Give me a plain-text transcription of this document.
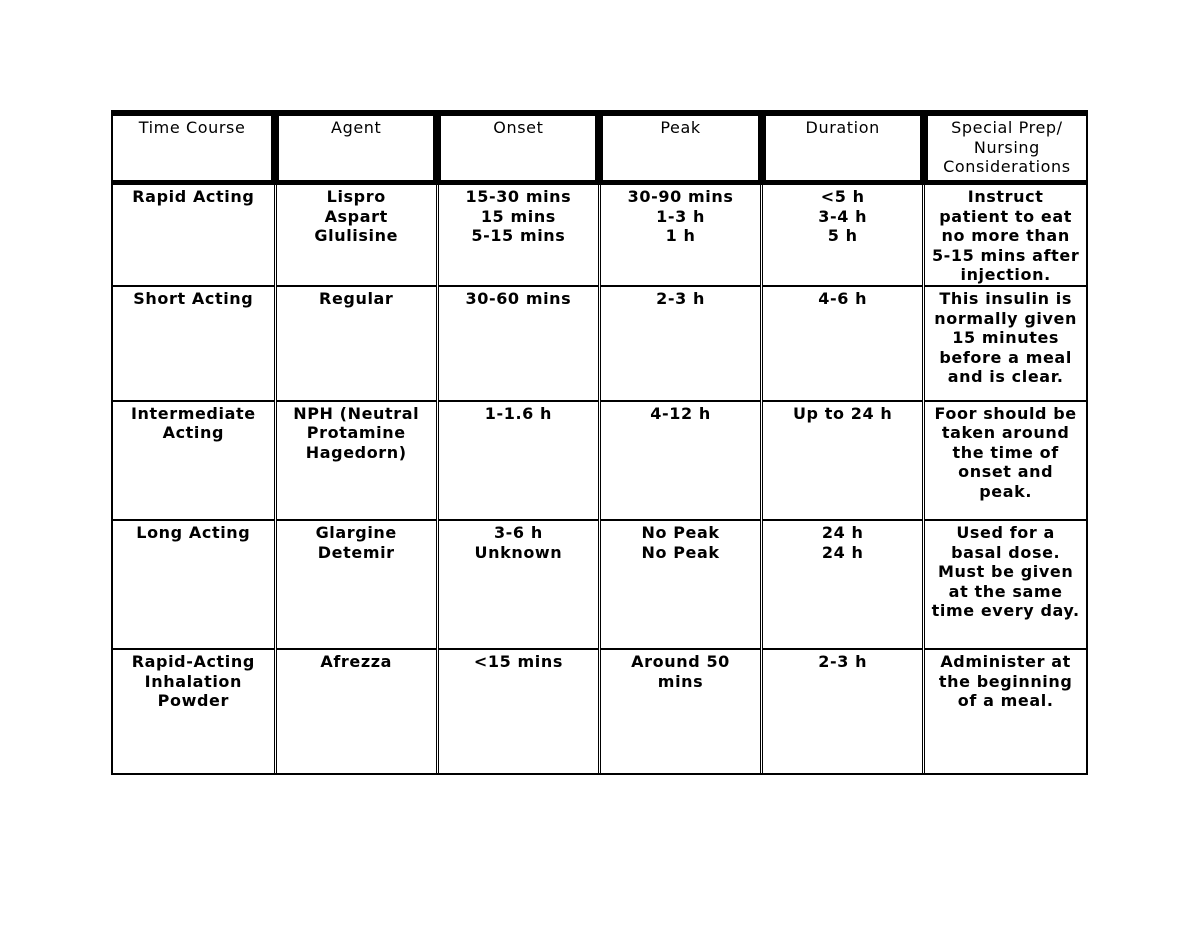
Time Course	Agent	Onset	Peak	Duration	Special Prep/
Nursing
Considerations

Rapid Acting	Lispro
Aspart
Glulisine	15-30 mins
15 mins
5-15 mins	30-90 mins
1-3 h
1 h	<5 h
3-4 h
5 h	Instruct
patient to eat
no more than
5-15 mins after
injection.

Short Acting	Regular	30-60 mins	2-3 h	4-6 h	This insulin is
normally given
15 minutes
before a meal
and is clear.

Intermediate
Acting	NPH (Neutral
Protamine
Hagedorn)	1-1.6 h	4-12 h	Up to 24 h	Foor should be
taken around
the time of
onset and
peak.

Long Acting	Glargine
Detemir	3-6 h
Unknown	No Peak
No Peak	24 h
24 h	Used for a
basal dose.
Must be given
at the same
time every day.

Rapid-Acting
Inhalation
Powder	Afrezza	<15 mins	Around 50
mins	2-3 h	Administer at
the beginning
of a meal.
